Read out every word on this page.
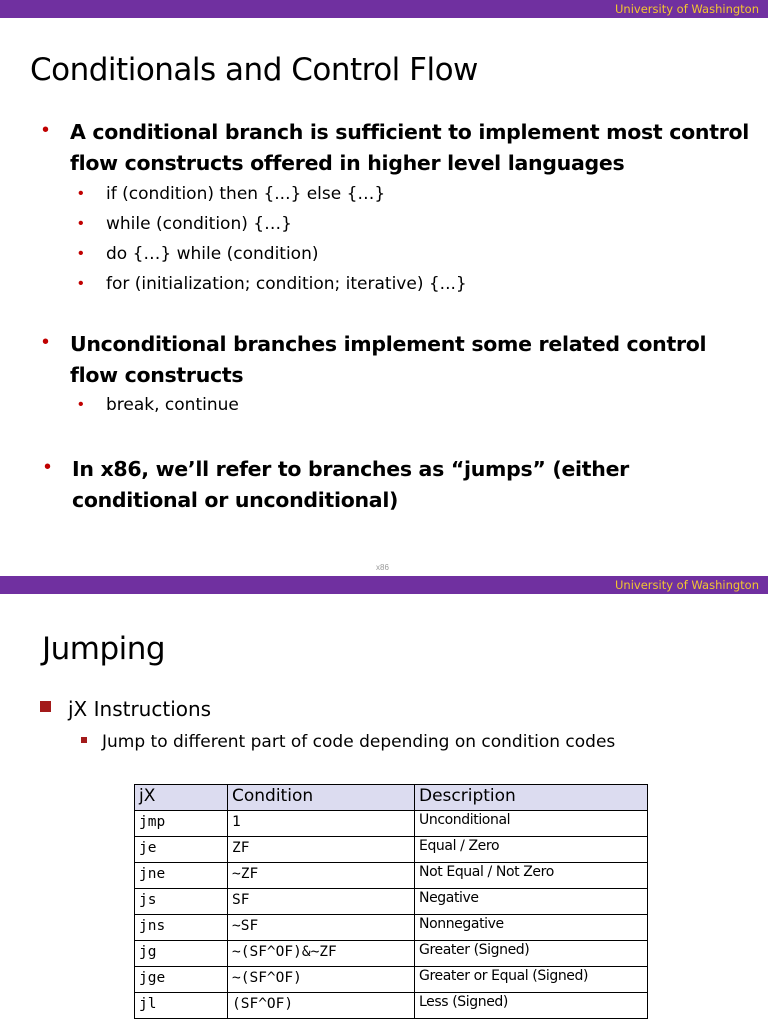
University of Washington
Conditionals and Control Flow
• A conditional branch is sufficient to implement most control flow constructs offered in higher level languages
• if (condition) then {...} else {…}
• while (condition) {…}
• do {…} while (condition)
• for (initialization; condition; iterative) {...}
• Unconditional branches implement some related control flow constructs
• break, continue
• In x86, we’ll refer to branches as “jumps” (either conditional or unconditional)
x86
University of Washington
Jumping
jX Instructions
Jump to different part of code depending on condition codes
jX	Condition	Description
jmp	1	Unconditional
je	ZF	Equal / Zero
jne	~ZF	Not Equal / Not Zero
js	SF	Negative
jns	~SF	Nonnegative
jg	~(SF^OF)&~ZF	Greater (Signed)
jge	~(SF^OF)	Greater or Equal (Signed)
jl	(SF^OF)	Less (Signed)
